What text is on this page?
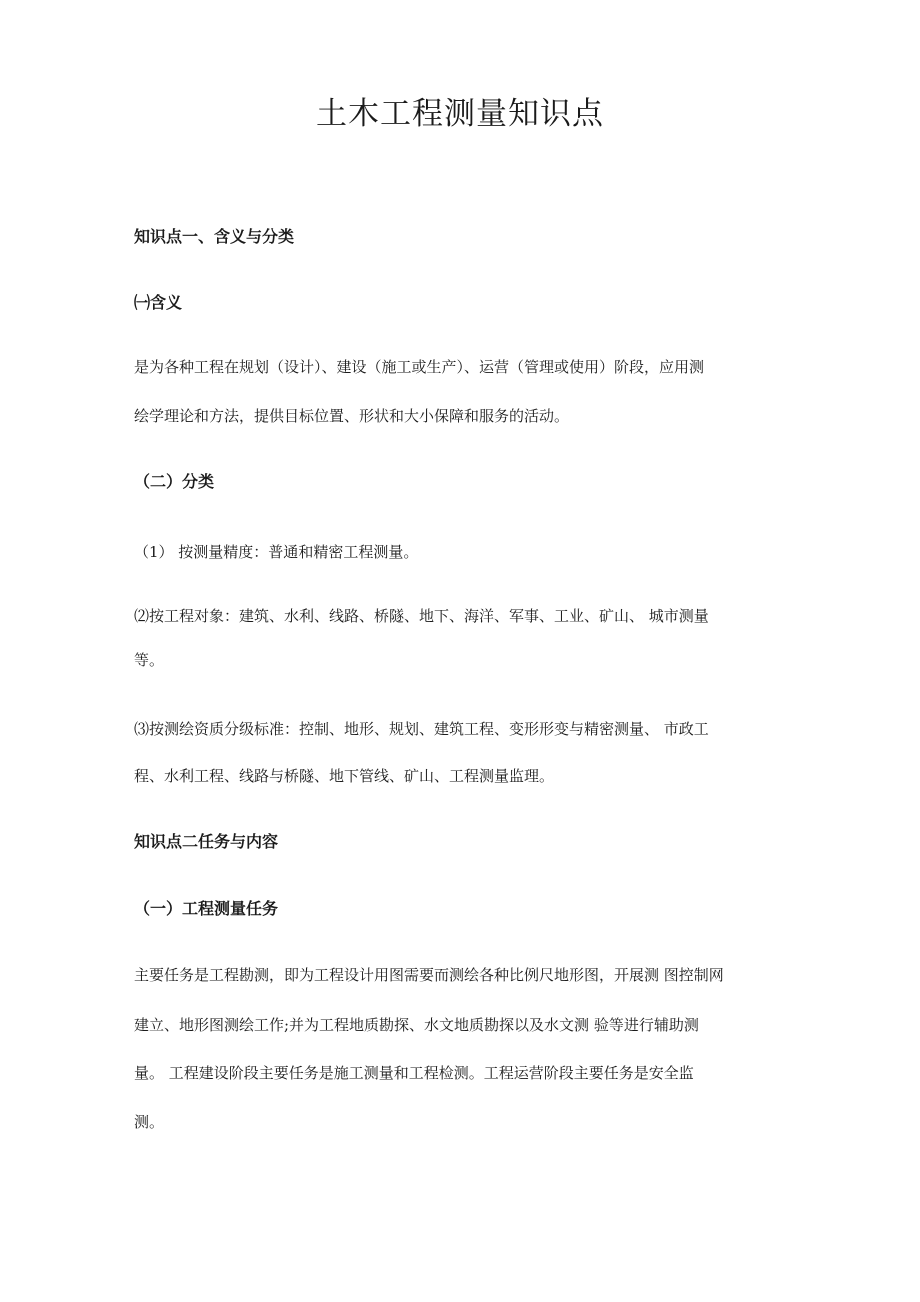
土木工程测量知识点
知识点一、含义与分类
㈠含义
是为各种工程在规划（设计）、建设（施工或生产）、运营（管理或使用）阶段，应用测
绘学理论和方法，提供目标位置、形状和大小保障和服务的活动。
（二）分类
（1） 按测量精度：普通和精密工程测量。
⑵按工程对象：建筑、水利、线路、桥隧、地下、海洋、军事、工业、矿山、 城市测量
等。
⑶按测绘资质分级标准：控制、地形、规划、建筑工程、变形形变与精密测量、 市政工
程、水利工程、线路与桥隧、地下管线、矿山、工程测量监理。
知识点二任务与内容
（一）工程测量任务
主要任务是工程勘测，即为工程设计用图需要而测绘各种比例尺地形图，开展测 图控制网
建立、地形图测绘工作;并为工程地质勘探、水文地质勘探以及水文测 验等进行辅助测
量。 工程建设阶段主要任务是施工测量和工程检测。工程运营阶段主要任务是安全监
测。
